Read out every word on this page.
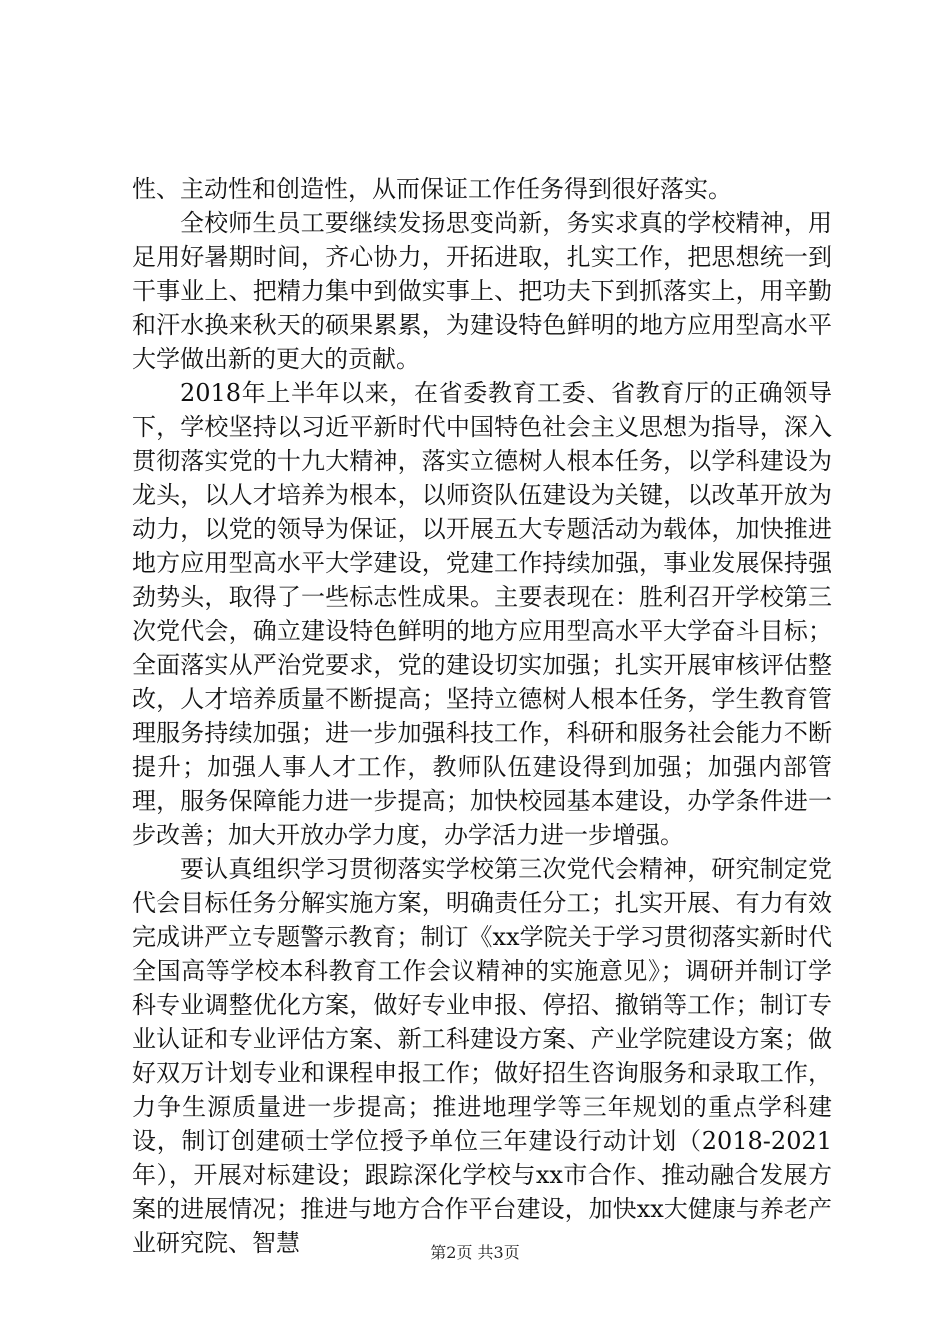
性、主动性和创造性，从而保证工作任务得到很好落实。

全校师生员工要继续发扬思变尚新，务实求真的学校精神，用足用好暑期时间，齐心协力，开拓进取，扎实工作，把思想统一到干事业上、把精力集中到做实事上、把功夫下到抓落实上，用辛勤和汗水换来秋天的硕果累累，为建设特色鲜明的地方应用型高水平大学做出新的更大的贡献。

2018年上半年以来，在省委教育工委、省教育厅的正确领导下，学校坚持以习近平新时代中国特色社会主义思想为指导，深入贯彻落实党的十九大精神，落实立德树人根本任务，以学科建设为龙头，以人才培养为根本，以师资队伍建设为关键，以改革开放为动力，以党的领导为保证，以开展五大专题活动为载体，加快推进地方应用型高水平大学建设，党建工作持续加强，事业发展保持强劲势头，取得了一些标志性成果。主要表现在：胜利召开学校第三次党代会，确立建设特色鲜明的地方应用型高水平大学奋斗目标；全面落实从严治党要求，党的建设切实加强；扎实开展审核评估整改，人才培养质量不断提高；坚持立德树人根本任务，学生教育管理服务持续加强；进一步加强科技工作，科研和服务社会能力不断提升；加强人事人才工作，教师队伍建设得到加强；加强内部管理，服务保障能力进一步提高；加快校园基本建设，办学条件进一步改善；加大开放办学力度，办学活力进一步增强。

要认真组织学习贯彻落实学校第三次党代会精神，研究制定党代会目标任务分解实施方案，明确责任分工；扎实开展、有力有效完成讲严立专题警示教育；制订《xx学院关于学习贯彻落实新时代全国高等学校本科教育工作会议精神的实施意见》；调研并制订学科专业调整优化方案，做好专业申报、停招、撤销等工作；制订专业认证和专业评估方案、新工科建设方案、产业学院建设方案；做好双万计划专业和课程申报工作；做好招生咨询服务和录取工作，力争生源质量进一步提高；推进地理学等三年规划的重点学科建设，制订创建硕士学位授予单位三年建设行动计划（2018-2021年），开展对标建设；跟踪深化学校与xx市合作、推动融合发展方案的进展情况；推进与地方合作平台建设，加快xx大健康与养老产业研究院、智慧	第2页 共3页
